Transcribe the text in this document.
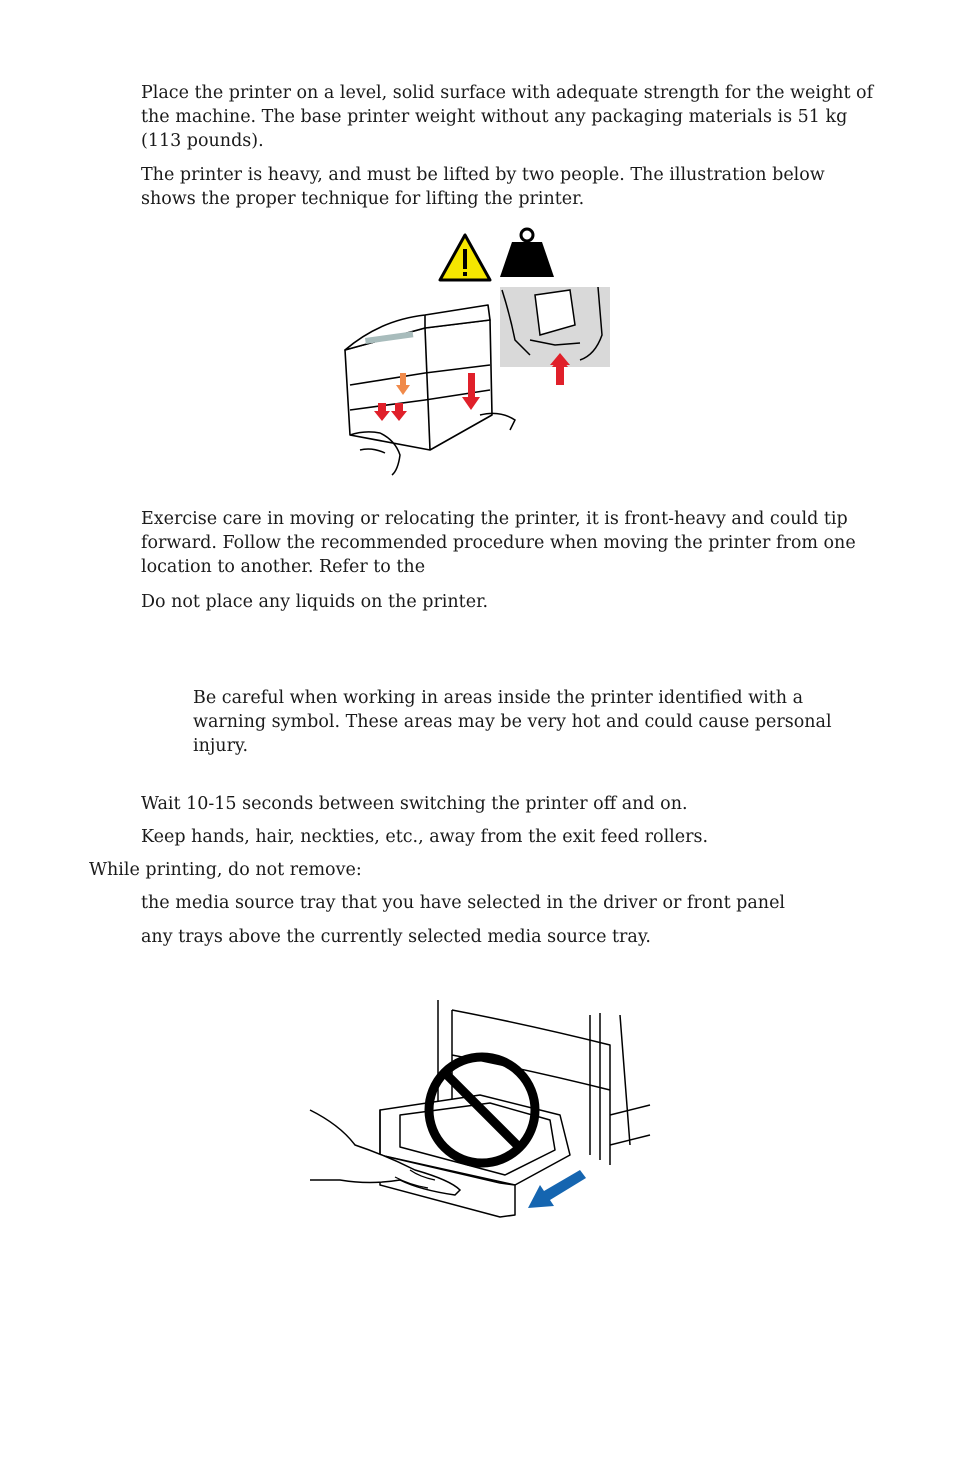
Place the printer on a level, solid surface with adequate strength for the weight of

the machine. The base printer weight without any packaging materials is 51 kg

(113 pounds).

The printer is heavy, and must be lifted by two people. The illustration below

shows the proper technique for lifting the printer.

Exercise care in moving or relocating the printer, it is front-heavy and could tip

forward. Follow the recommended procedure when moving the printer from one

location to another. Refer to the

Do not place any liquids on the printer.

Be careful when working in areas inside the printer identified with a

warning symbol. These areas may be very hot and could cause personal

injury.

Wait 10-15 seconds between switching the printer off and on.

Keep hands, hair, neckties, etc., away from the exit feed rollers.

While printing, do not remove:

the media source tray that you have selected in the driver or front panel

any trays above the currently selected media source tray.
